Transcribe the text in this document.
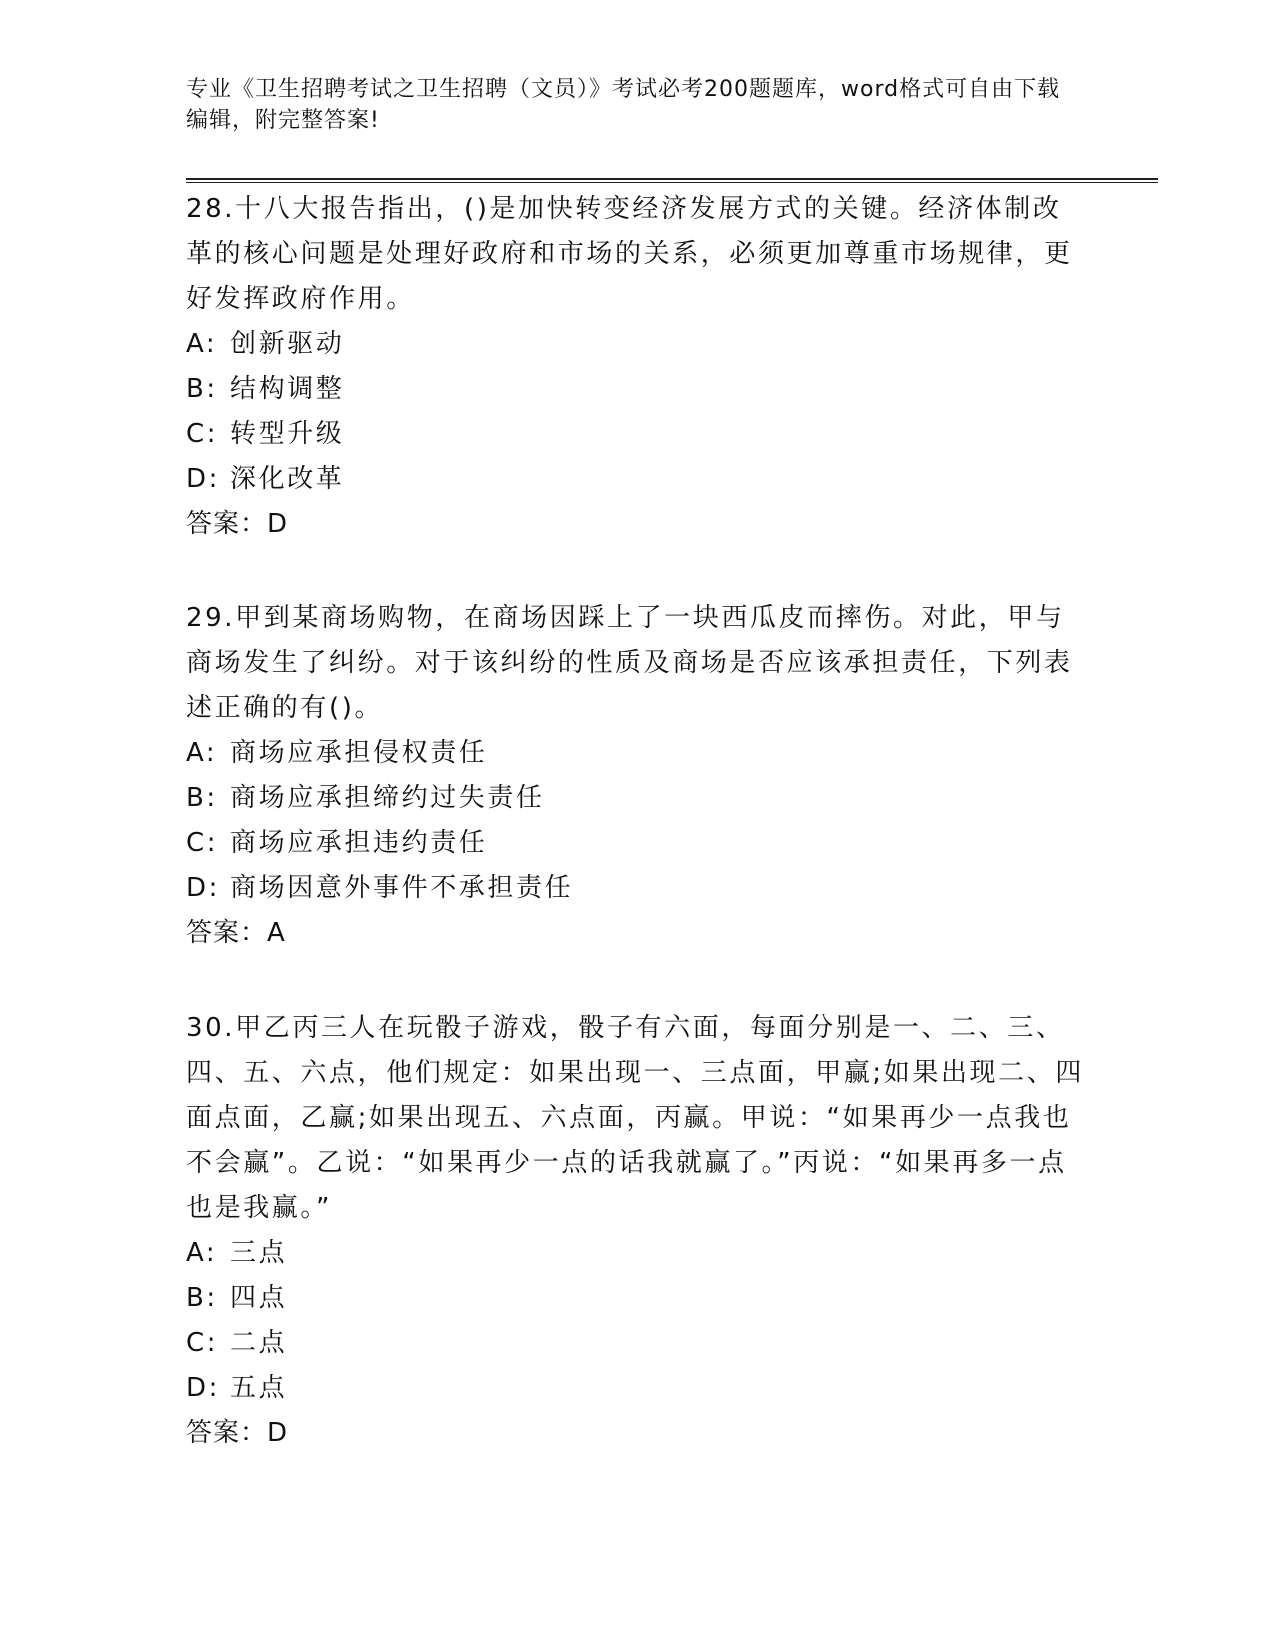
专业《卫生招聘考试之卫生招聘（文员）》考试必考200题题库，word格式可自由下载编辑，附完整答案!

28.十八大报告指出，()是加快转变经济发展方式的关键。经济体制改革的核心问题是处理好政府和市场的关系，必须更加尊重市场规律，更好发挥政府作用。

A: 创新驱动

B: 结构调整

C: 转型升级

D: 深化改革

答案：D

29.甲到某商场购物，在商场因踩上了一块西瓜皮而摔伤。对此，甲与商场发生了纠纷。对于该纠纷的性质及商场是否应该承担责任，下列表述正确的有()。

A: 商场应承担侵权责任

B: 商场应承担缔约过失责任

C: 商场应承担违约责任

D: 商场因意外事件不承担责任

答案：A

30.甲乙丙三人在玩骰子游戏，骰子有六面，每面分别是一、二、三、四、五、六点，他们规定：如果出现一、三点面，甲赢;如果出现二、四面点面，乙赢;如果出现五、六点面，丙赢。甲说：“如果再少一点我也不会赢”。乙说：“如果再少一点的话我就赢了。”丙说：“如果再多一点也是我赢。”

A: 三点

B: 四点

C: 二点

D: 五点

答案：D
